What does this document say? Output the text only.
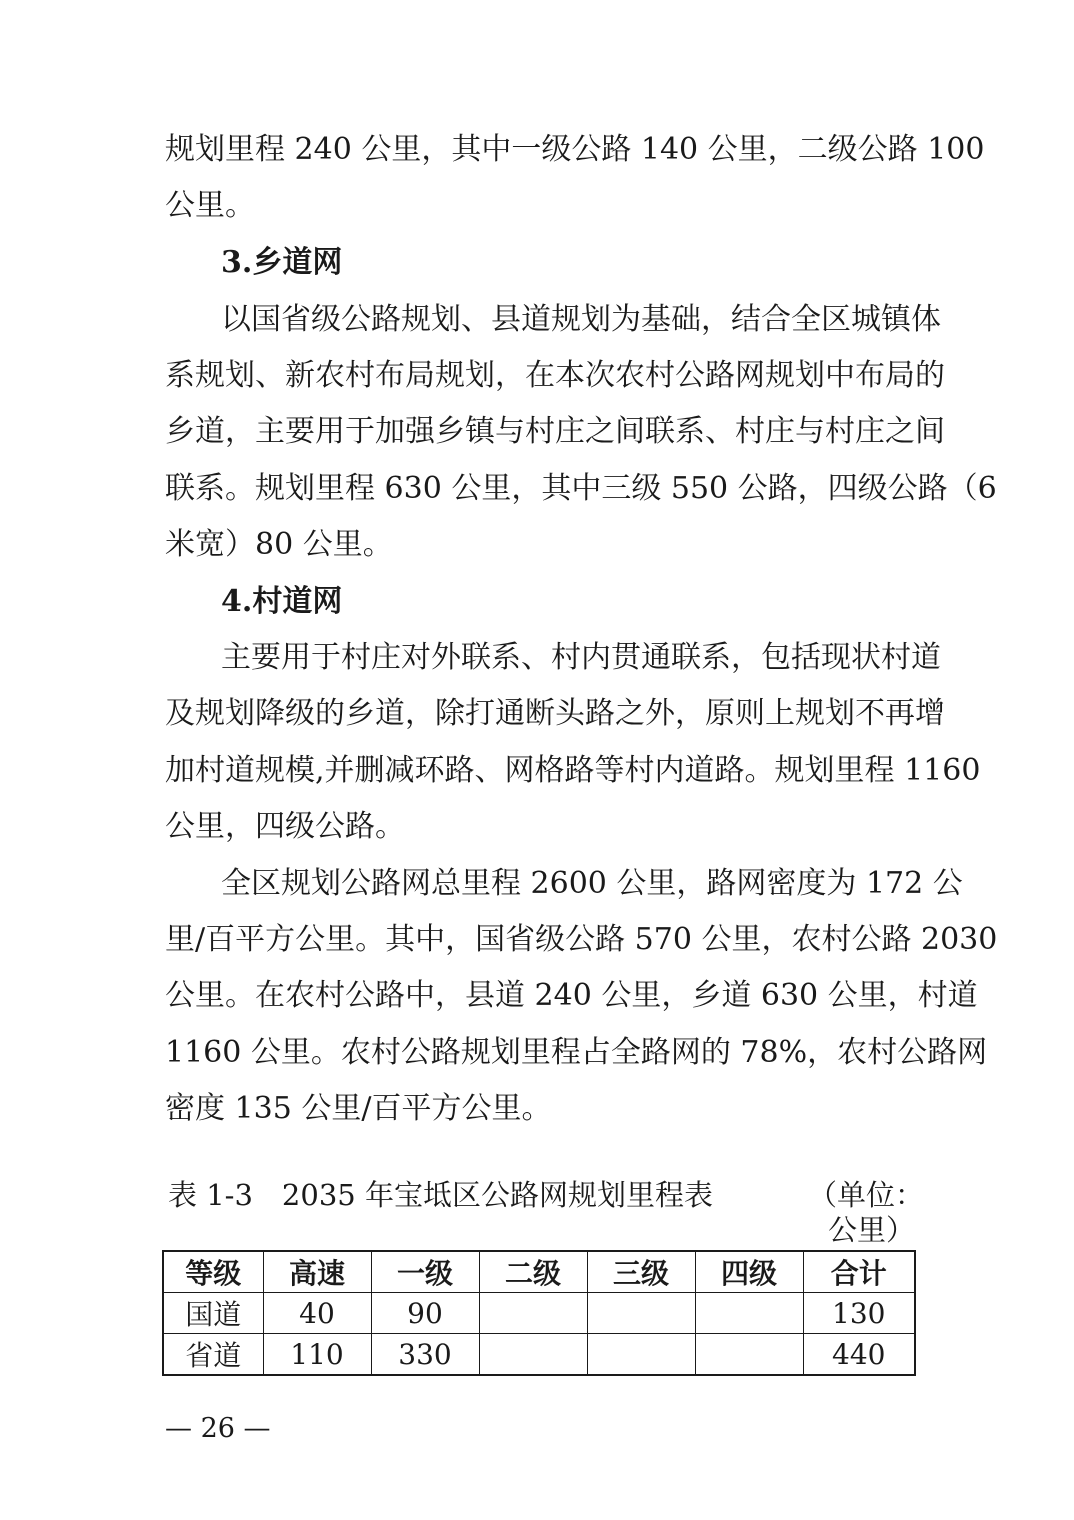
规划里程 240 公里，其中一级公路 140 公里，二级公路 100
公里。
3.乡道网
以国省级公路规划、县道规划为基础，结合全区城镇体
系规划、新农村布局规划，在本次农村公路网规划中布局的
乡道，主要用于加强乡镇与村庄之间联系、村庄与村庄之间
联系。规划里程 630 公里，其中三级 550 公路，四级公路（6
米宽）80 公里。
4.村道网
主要用于村庄对外联系、村内贯通联系，包括现状村道
及规划降级的乡道，除打通断头路之外，原则上规划不再增
加村道规模,并删减环路、网格路等村内道路。规划里程 1160
公里，四级公路。
全区规划公路网总里程 2600 公里，路网密度为 172 公
里/百平方公里。其中，国省级公路 570 公里，农村公路 2030
公里。在农村公路中，县道 240 公里，乡道 630 公里，村道
1160 公里。农村公路规划里程占全路网的 78%，农村公路网
密度 135 公里/百平方公里。
表 1-3　2035 年宝坻区公路网规划里程表	（单位：
公里）
等级	高速	一级	二级	三级	四级	合计
国道	40	90				130
省道	110	330				440
— 26 —
